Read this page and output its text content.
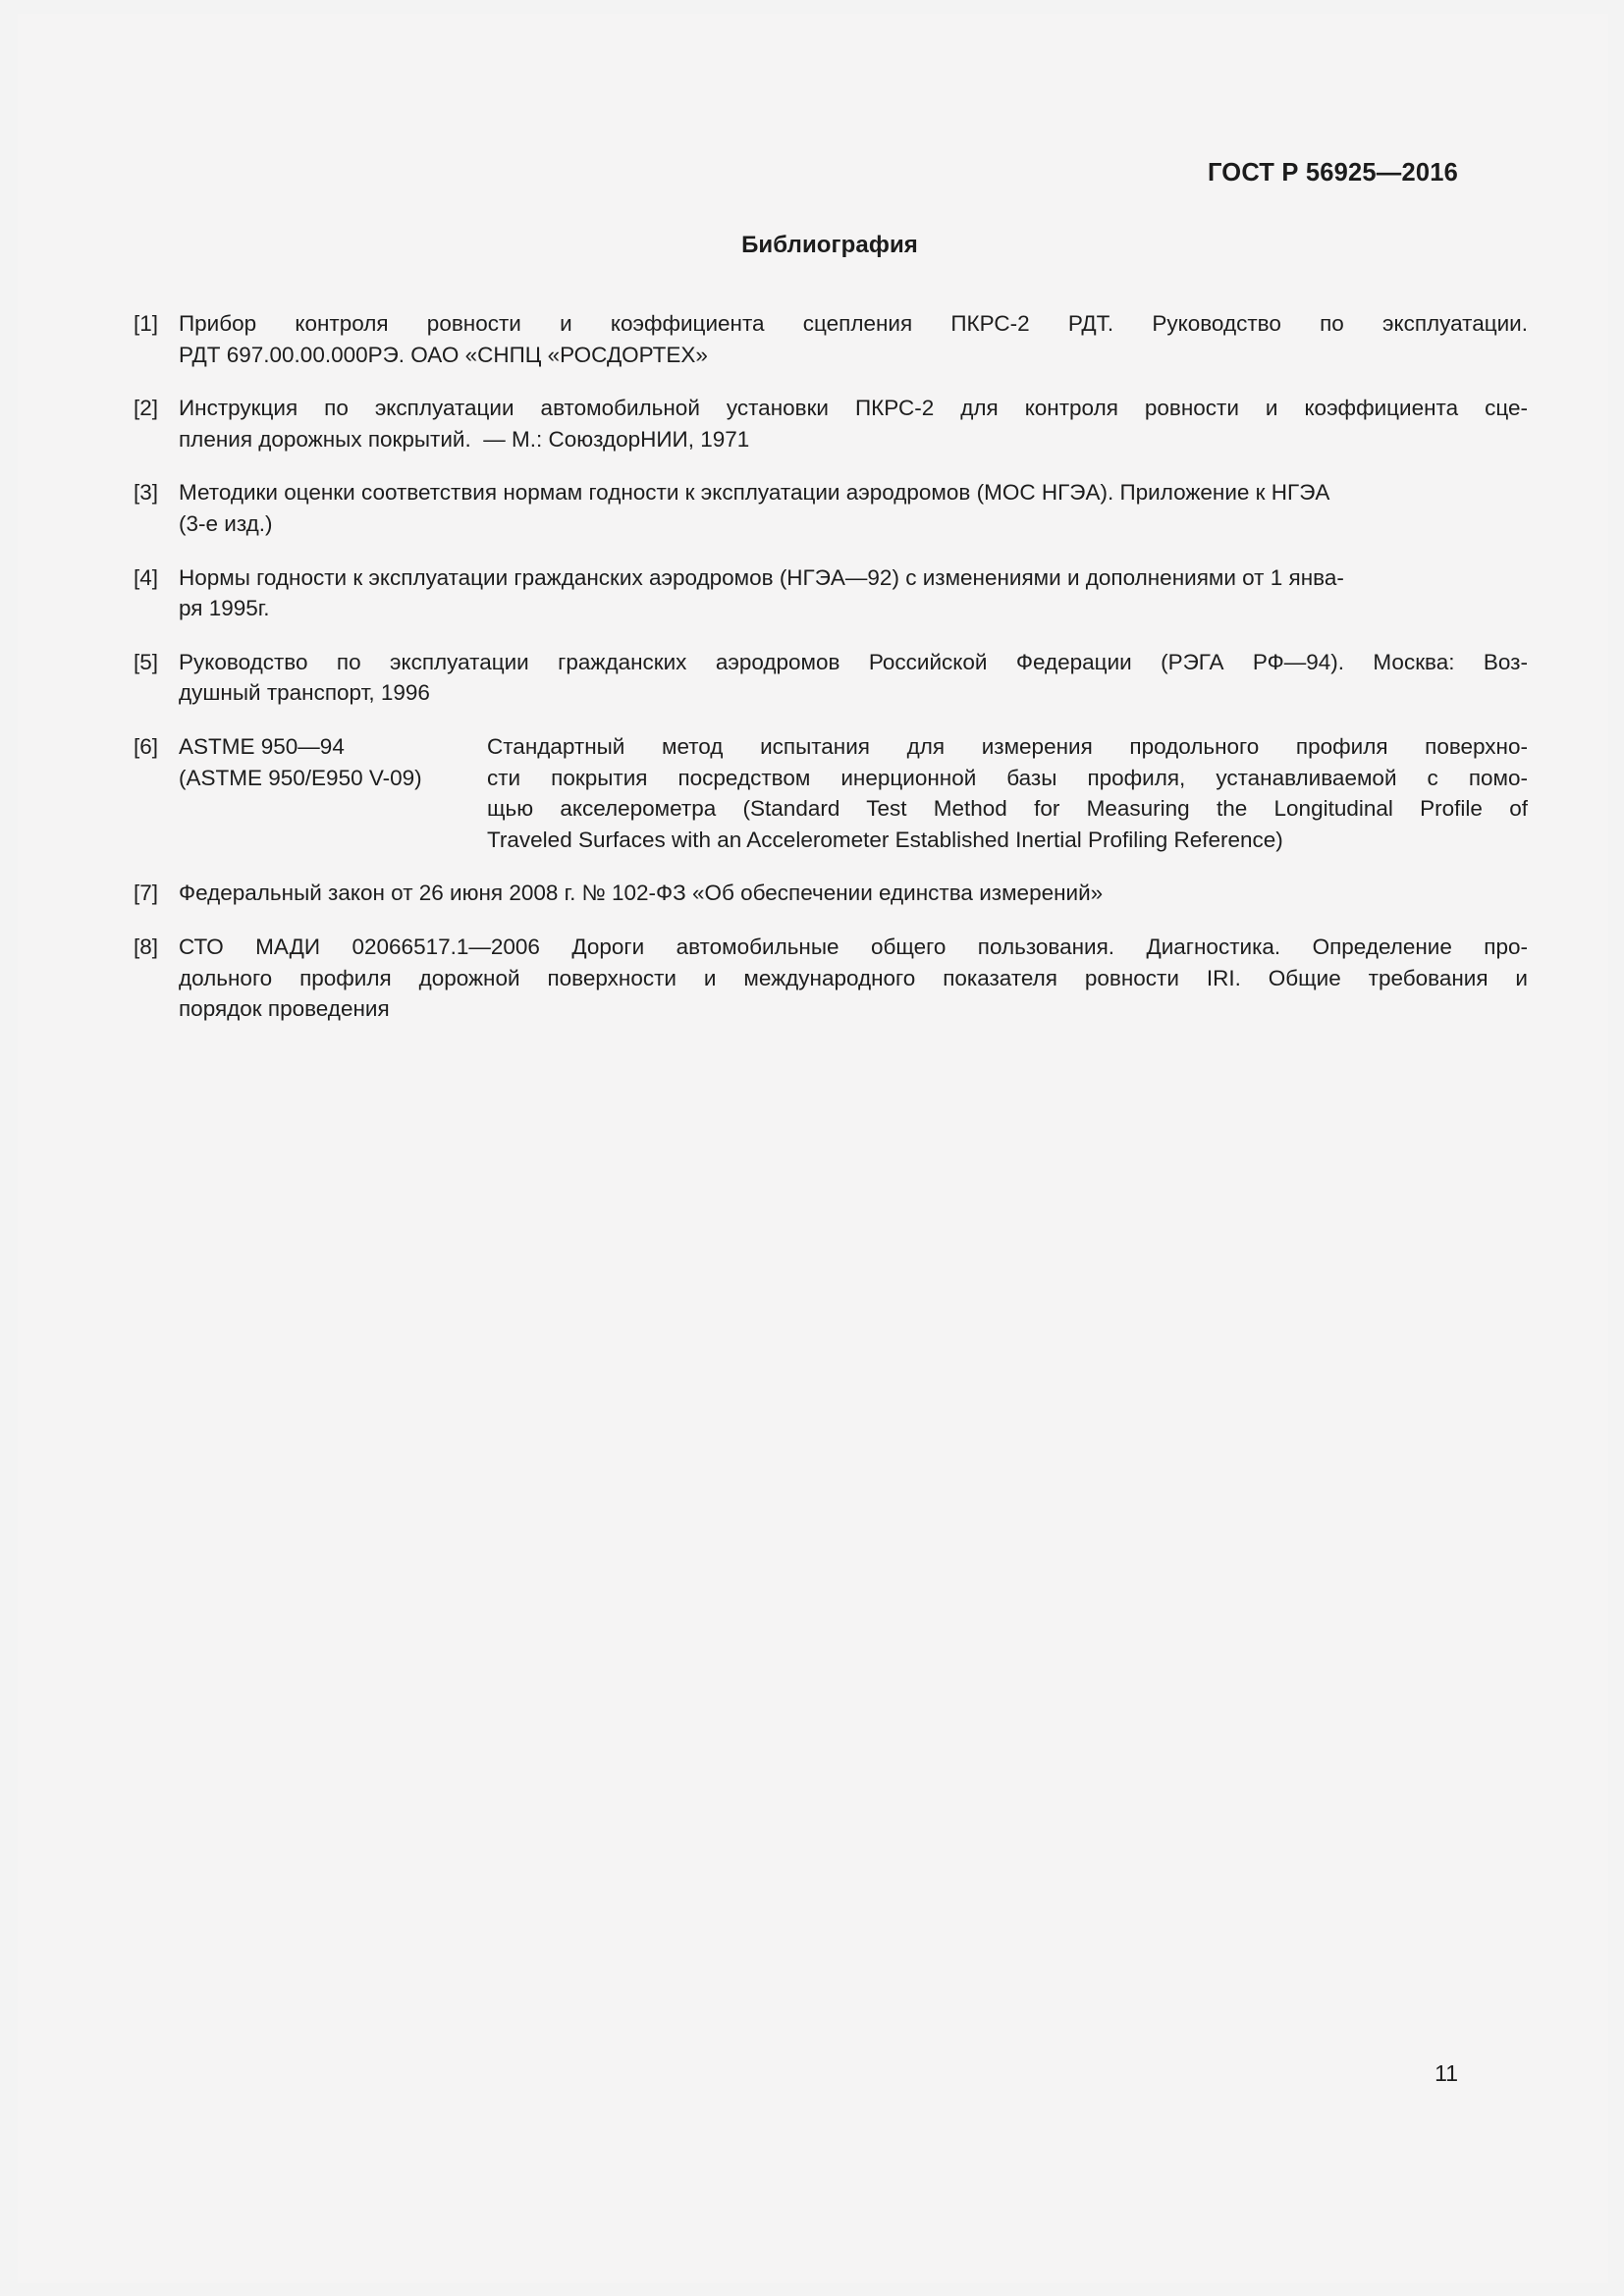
ГОСТ Р 56925—2016
Библиография
[1] Прибор контроля ровности и коэффициента сцепления ПКРС-2 РДТ. Руководство по эксплуатации.
РДТ 697.00.00.000РЭ. ОАО «СНПЦ «РОСДОРТЕХ»
[2] Инструкция по эксплуатации автомобильной установки ПКРС-2 для контроля ровности и коэффициента сце-
пления дорожных покрытий.  — М.: СоюздорНИИ, 1971
[3] Методики оценки соответствия нормам годности к эксплуатации аэродромов (МОС НГЭА). Приложение к НГЭА
(3-е изд.)
[4] Нормы годности к эксплуатации гражданских аэродромов (НГЭА—92) с изменениями и дополнениями от 1 янва-
ря 1995г.
[5] Руководство по эксплуатации гражданских аэродромов Российской Федерации (РЭГА РФ—94). Москва: Воз-
душный транспорт, 1996
[6] ASTME 950—94
(ASTME 950/E950 V-09)
Стандартный метод испытания для измерения продольного профиля поверхно-
сти покрытия посредством инерционной базы профиля, устанавливаемой с помо-
щью акселерометра (Standard Test Method for Measuring the Longitudinal Profile of
Traveled Surfaces with an Accelerometer Established Inertial Profiling Reference)
[7] Федеральный закон от 26 июня 2008 г. № 102-ФЗ «Об обеспечении единства измерений»
[8] СТО МАДИ 02066517.1—2006 Дороги автомобильные общего пользования. Диагностика. Определение про-
дольного профиля дорожной поверхности и международного показателя ровности IRI. Общие требования и
порядок проведения
11
